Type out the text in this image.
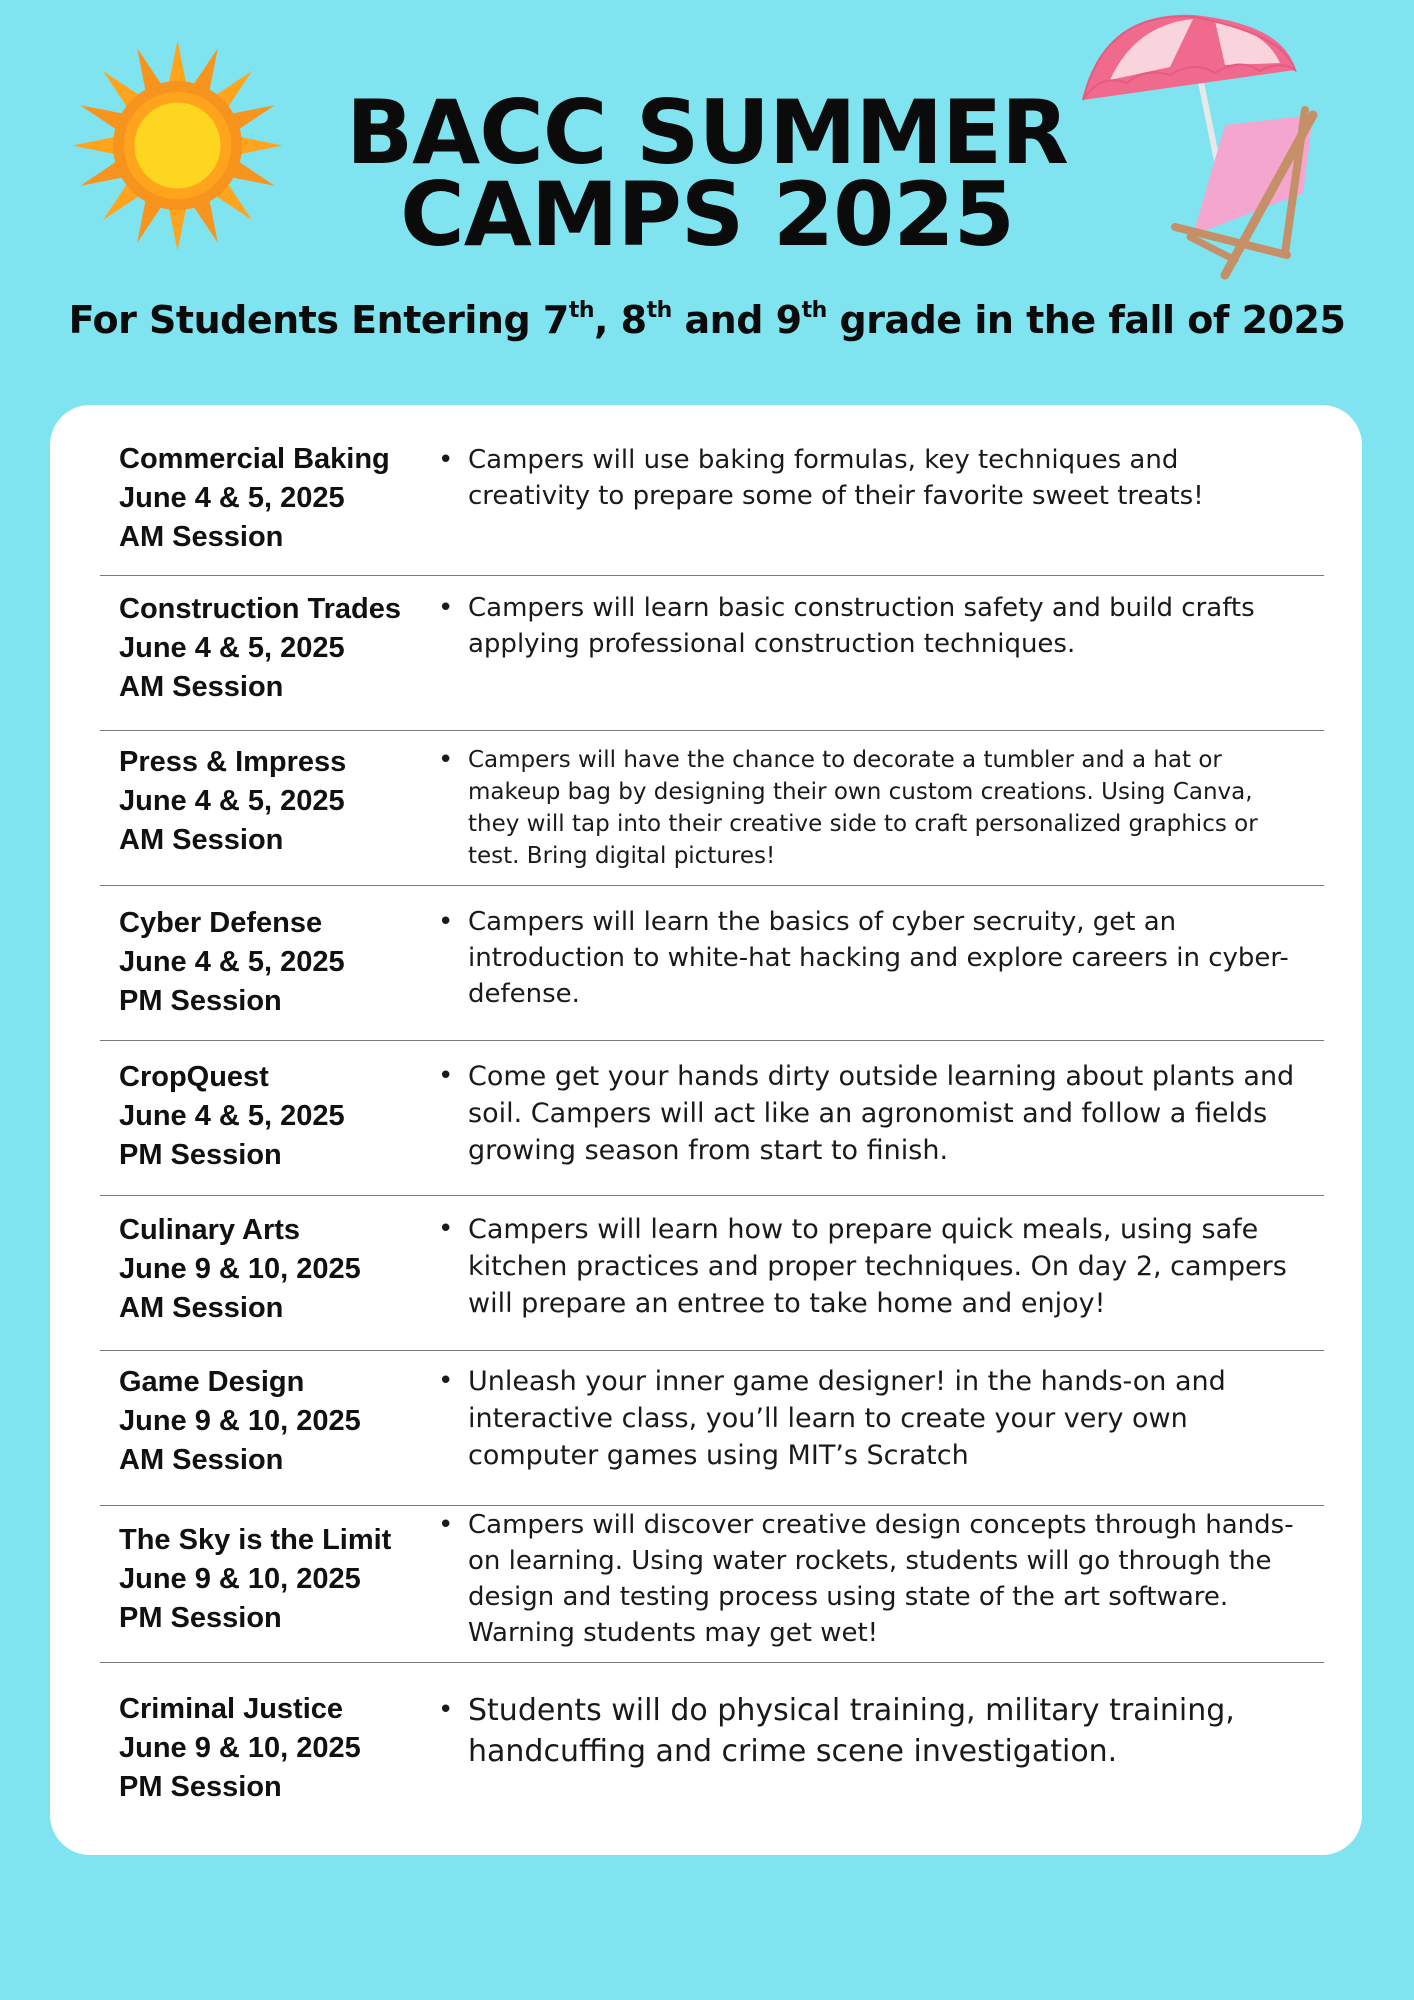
BACC SUMMER
CAMPS 2025
For Students Entering 7th, 8th and 9th grade in the fall of 2025
Commercial Baking
June 4 & 5, 2025
AM Session
• Campers will use baking formulas, key techniques and creativity to prepare some of their favorite sweet treats!
Construction Trades
June 4 & 5, 2025
AM Session
• Campers will learn basic construction safety and build crafts applying professional construction techniques.
Press & Impress
June 4 & 5, 2025
AM Session
• Campers will have the chance to decorate a tumbler and a hat or makeup bag by designing their own custom creations. Using Canva, they will tap into their creative side to craft personalized graphics or test. Bring digital pictures!
Cyber Defense
June 4 & 5, 2025
PM Session
• Campers will learn the basics of cyber secruity, get an introduction to white-hat hacking and explore careers in cyber-defense.
CropQuest
June 4 & 5, 2025
PM Session
• Come get your hands dirty outside learning about plants and soil. Campers will act like an agronomist and follow a fields growing season from start to finish.
Culinary Arts
June 9 & 10, 2025
AM Session
• Campers will learn how to prepare quick meals, using safe kitchen practices and proper techniques. On day 2, campers will prepare an entree to take home and enjoy!
Game Design
June 9 & 10, 2025
AM Session
• Unleash your inner game designer! in the hands-on and interactive class, you’ll learn to create your very own computer games using MIT’s Scratch
The Sky is the Limit
June 9 & 10, 2025
PM Session
• Campers will discover creative design concepts through hands-on learning. Using water rockets, students will go through the design and testing process using state of the art software. Warning students may get wet!
Criminal Justice
June 9 & 10, 2025
PM Session
• Students will do physical training, military training, handcuffing and crime scene investigation.
